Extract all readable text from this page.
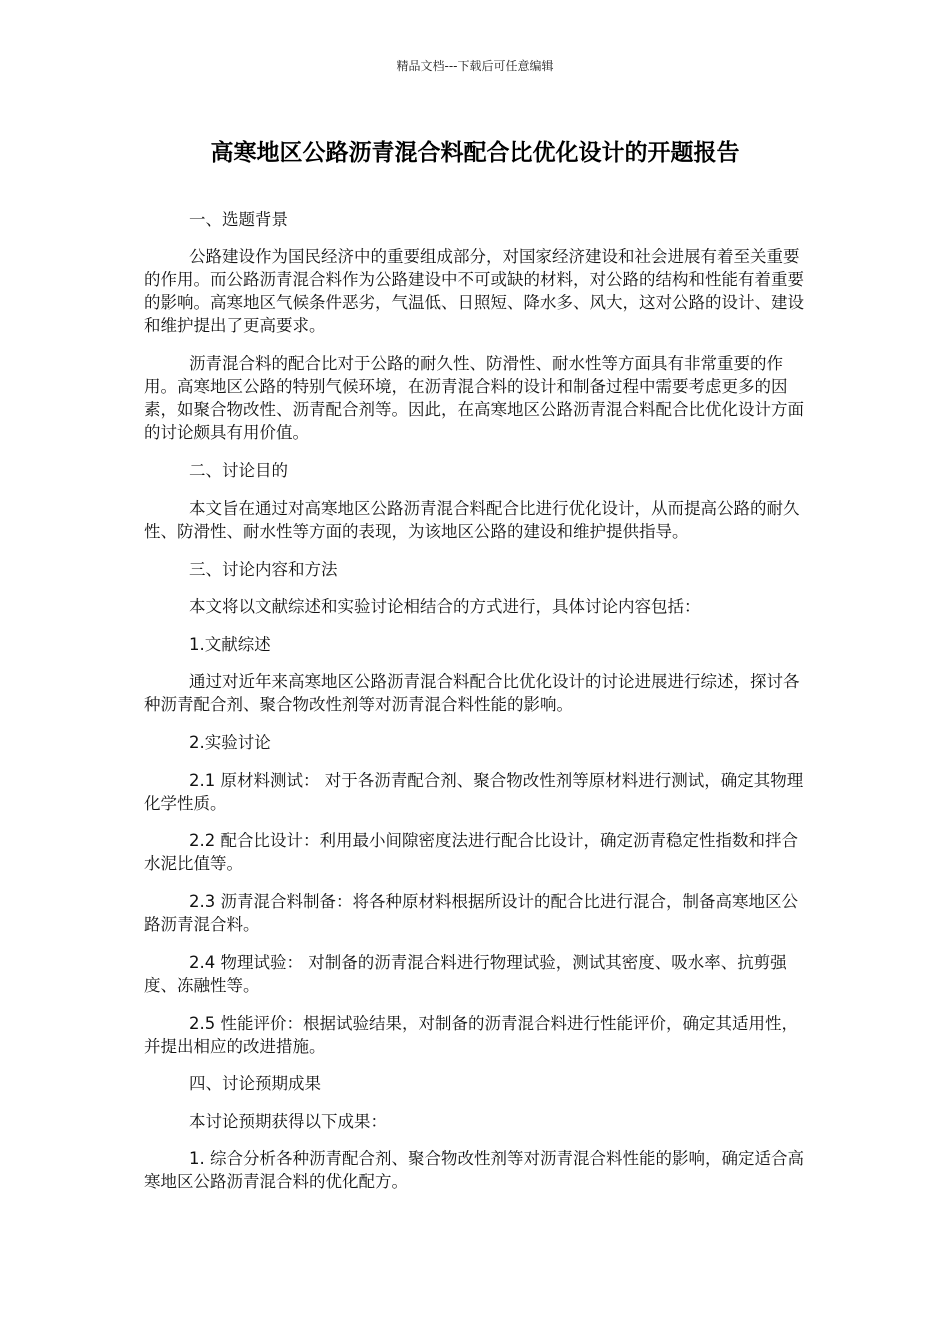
精品文档---下载后可任意编辑
高寒地区公路沥青混合料配合比优化设计的开题报告
一、选题背景
公路建设作为国民经济中的重要组成部分，对国家经济建设和社会进展有着至关重要的作用。而公路沥青混合料作为公路建设中不可或缺的材料，对公路的结构和性能有着重要的影响。高寒地区气候条件恶劣，气温低、日照短、降水多、风大，这对公路的设计、建设和维护提出了更高要求。
沥青混合料的配合比对于公路的耐久性、防滑性、耐水性等方面具有非常重要的作用。高寒地区公路的特别气候环境，在沥青混合料的设计和制备过程中需要考虑更多的因素，如聚合物改性、沥青配合剂等。因此，在高寒地区公路沥青混合料配合比优化设计方面的讨论颇具有用价值。
二、讨论目的
本文旨在通过对高寒地区公路沥青混合料配合比进行优化设计，从而提高公路的耐久性、防滑性、耐水性等方面的表现，为该地区公路的建设和维护提供指导。
三、讨论内容和方法
本文将以文献综述和实验讨论相结合的方式进行，具体讨论内容包括：
1.文献综述
通过对近年来高寒地区公路沥青混合料配合比优化设计的讨论进展进行综述，探讨各种沥青配合剂、聚合物改性剂等对沥青混合料性能的影响。
2.实验讨论
2.1 原材料测试： 对于各沥青配合剂、聚合物改性剂等原材料进行测试，确定其物理化学性质。
2.2 配合比设计：利用最小间隙密度法进行配合比设计，确定沥青稳定性指数和拌合水泥比值等。
2.3 沥青混合料制备：将各种原材料根据所设计的配合比进行混合，制备高寒地区公路沥青混合料。
2.4 物理试验： 对制备的沥青混合料进行物理试验，测试其密度、吸水率、抗剪强度、冻融性等。
2.5 性能评价：根据试验结果，对制备的沥青混合料进行性能评价，确定其适用性，并提出相应的改进措施。
四、讨论预期成果
本讨论预期获得以下成果：
1. 综合分析各种沥青配合剂、聚合物改性剂等对沥青混合料性能的影响，确定适合高寒地区公路沥青混合料的优化配方。
